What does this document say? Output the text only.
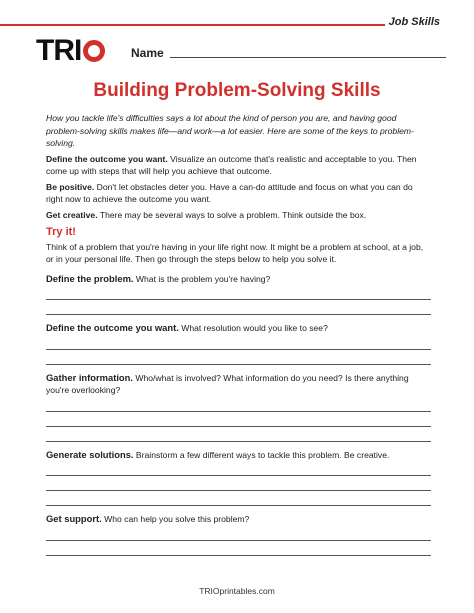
Job Skills
TRI	Name
Building Problem-Solving Skills

How you tackle life's difficulties says a lot about the kind of person you are, and having good problem-solving skills makes life—and work—a lot easier. Here are some of the keys to problem-solving.

Define the outcome you want. Visualize an outcome that's realistic and acceptable to you. Then come up with steps that will help you achieve that outcome.

Be positive. Don't let obstacles deter you. Have a can-do attitude and focus on what you can do right now to achieve the outcome you want.

Get creative. There may be several ways to solve a problem. Think outside the box.

Try it!

Think of a problem that you're having in your life right now. It might be a problem at school, at a job, or in your personal life. Then go through the steps below to help you solve it.

Define the problem. What is the problem you're having?

Define the outcome you want. What resolution would you like to see?

Gather information. Who/what is involved? What information do you need? Is there anything you're overlooking?

Generate solutions. Brainstorm a few different ways to tackle this problem. Be creative.

Get support. Who can help you solve this problem?

TRIOprintables.com
